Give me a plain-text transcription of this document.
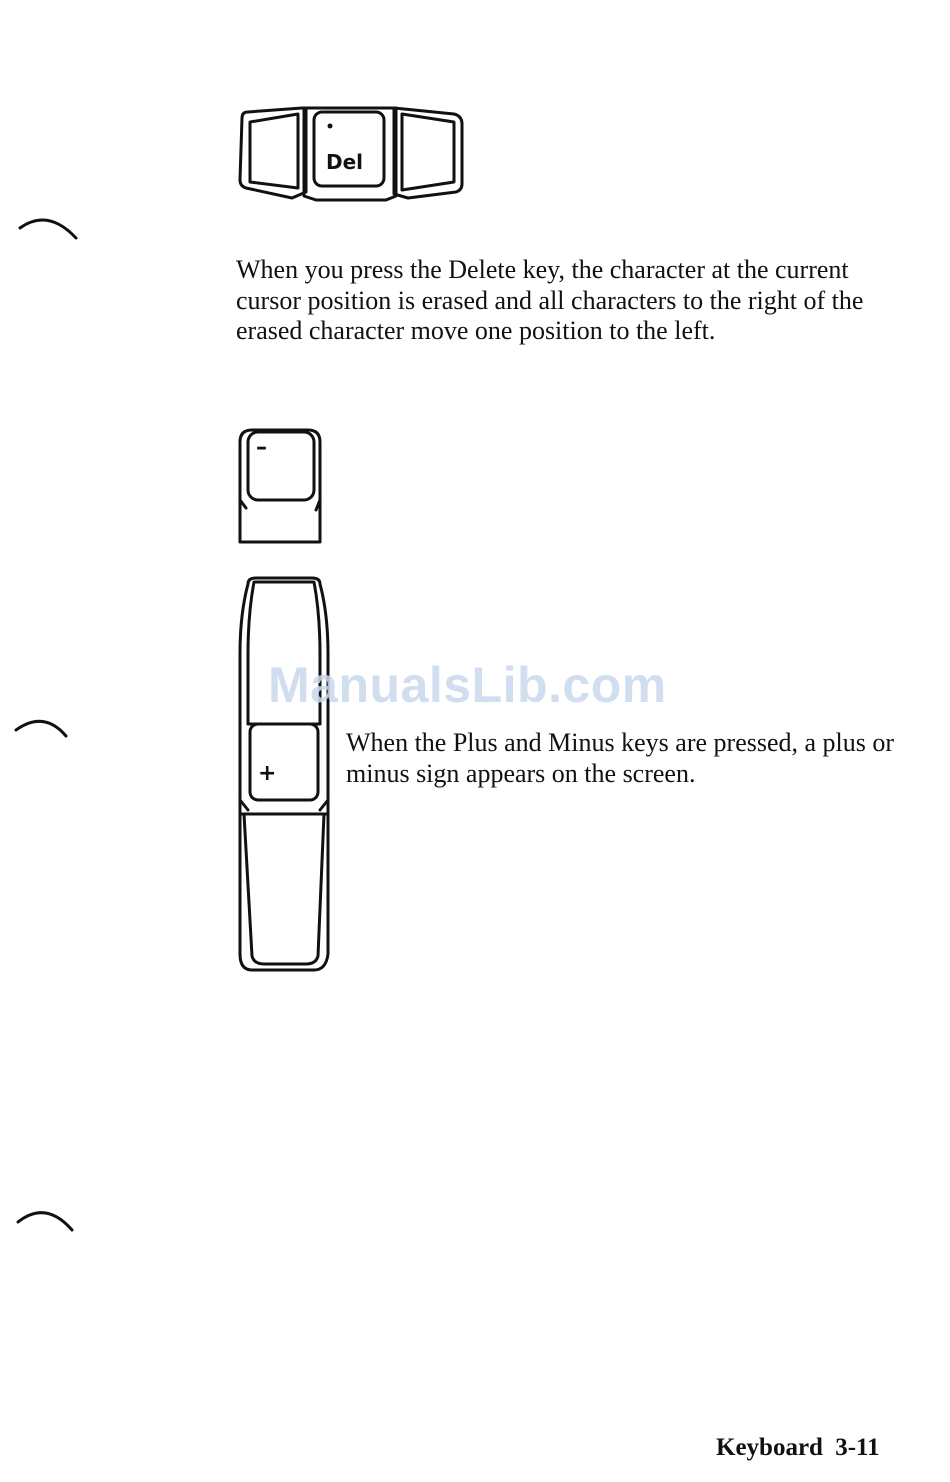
Del

When you press the Delete key, the character at the current cursor position is erased and all characters to the right of the erased character move one position to the left.

–
+
ManualsLib.com

When the Plus and Minus keys are pressed, a plus or minus sign appears on the screen.

Keyboard 3-11
